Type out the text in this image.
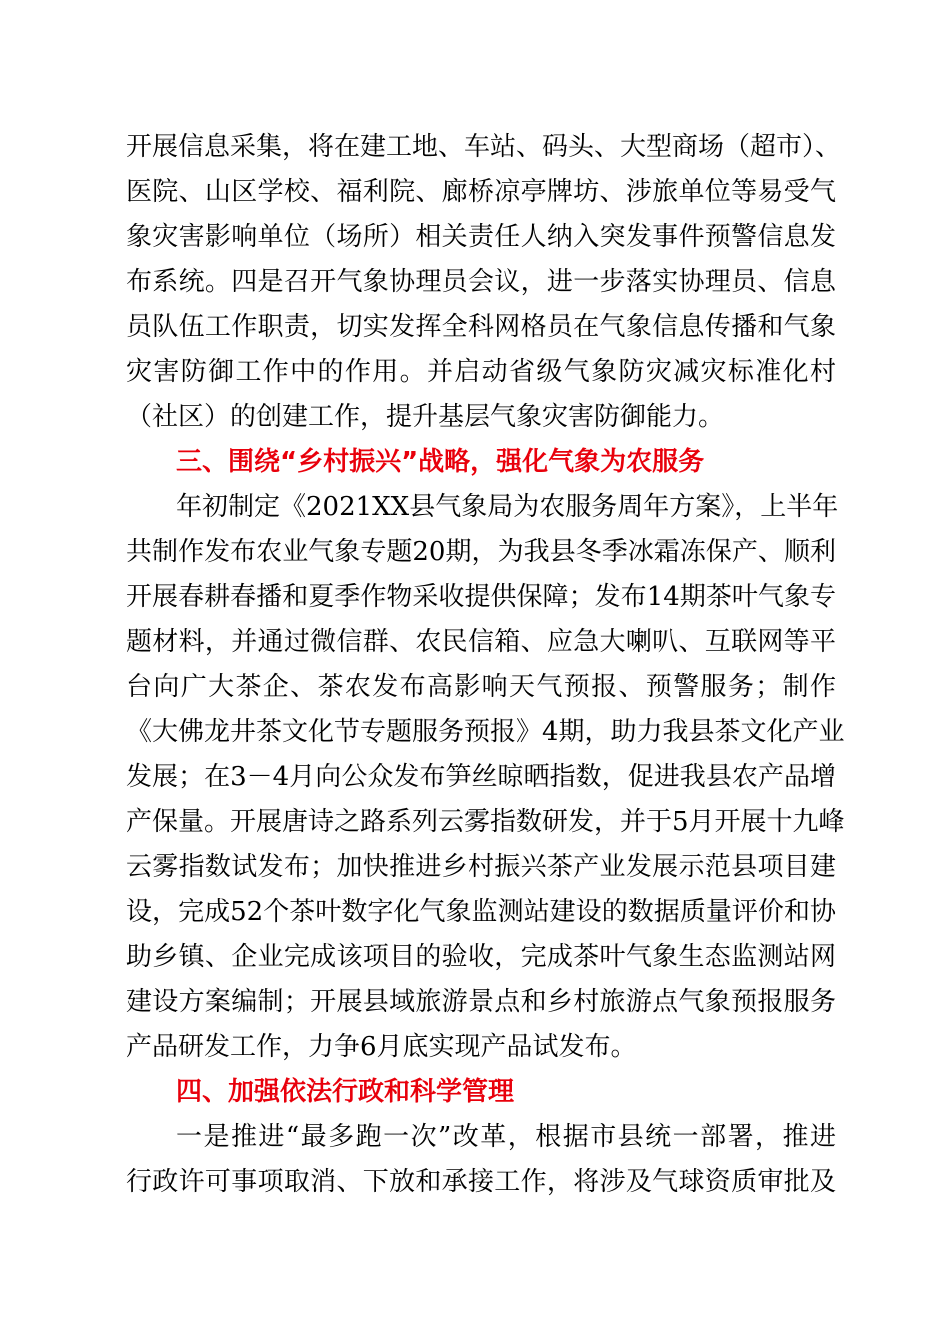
开展信息采集，将在建工地、车站、码头、大型商场（超市）、
医院、山区学校、福利院、廊桥凉亭牌坊、涉旅单位等易受气
象灾害影响单位（场所）相关责任人纳入突发事件预警信息发
布系统。四是召开气象协理员会议，进一步落实协理员、信息
员队伍工作职责，切实发挥全科网格员在气象信息传播和气象
灾害防御工作中的作用。并启动省级气象防灾减灾标准化村
（社区）的创建工作，提升基层气象灾害防御能力。
三、围绕“乡村振兴”战略，强化气象为农服务
年初制定《2021XX县气象局为农服务周年方案》，上半年
共制作发布农业气象专题20期，为我县冬季冰霜冻保产、顺利
开展春耕春播和夏季作物采收提供保障；发布14期茶叶气象专
题材料，并通过微信群、农民信箱、应急大喇叭、互联网等平
台向广大茶企、茶农发布高影响天气预报、预警服务；制作
《大佛龙井茶文化节专题服务预报》4期，助力我县茶文化产业
发展；在3－4月向公众发布笋丝晾晒指数，促进我县农产品增
产保量。开展唐诗之路系列云雾指数研发，并于5月开展十九峰
云雾指数试发布；加快推进乡村振兴茶产业发展示范县项目建
设，完成52个茶叶数字化气象监测站建设的数据质量评价和协
助乡镇、企业完成该项目的验收，完成茶叶气象生态监测站网
建设方案编制；开展县域旅游景点和乡村旅游点气象预报服务
产品研发工作，力争6月底实现产品试发布。
四、加强依法行政和科学管理
一是推进“最多跑一次”改革，根据市县统一部署，推进
行政许可事项取消、下放和承接工作，将涉及气球资质审批及
